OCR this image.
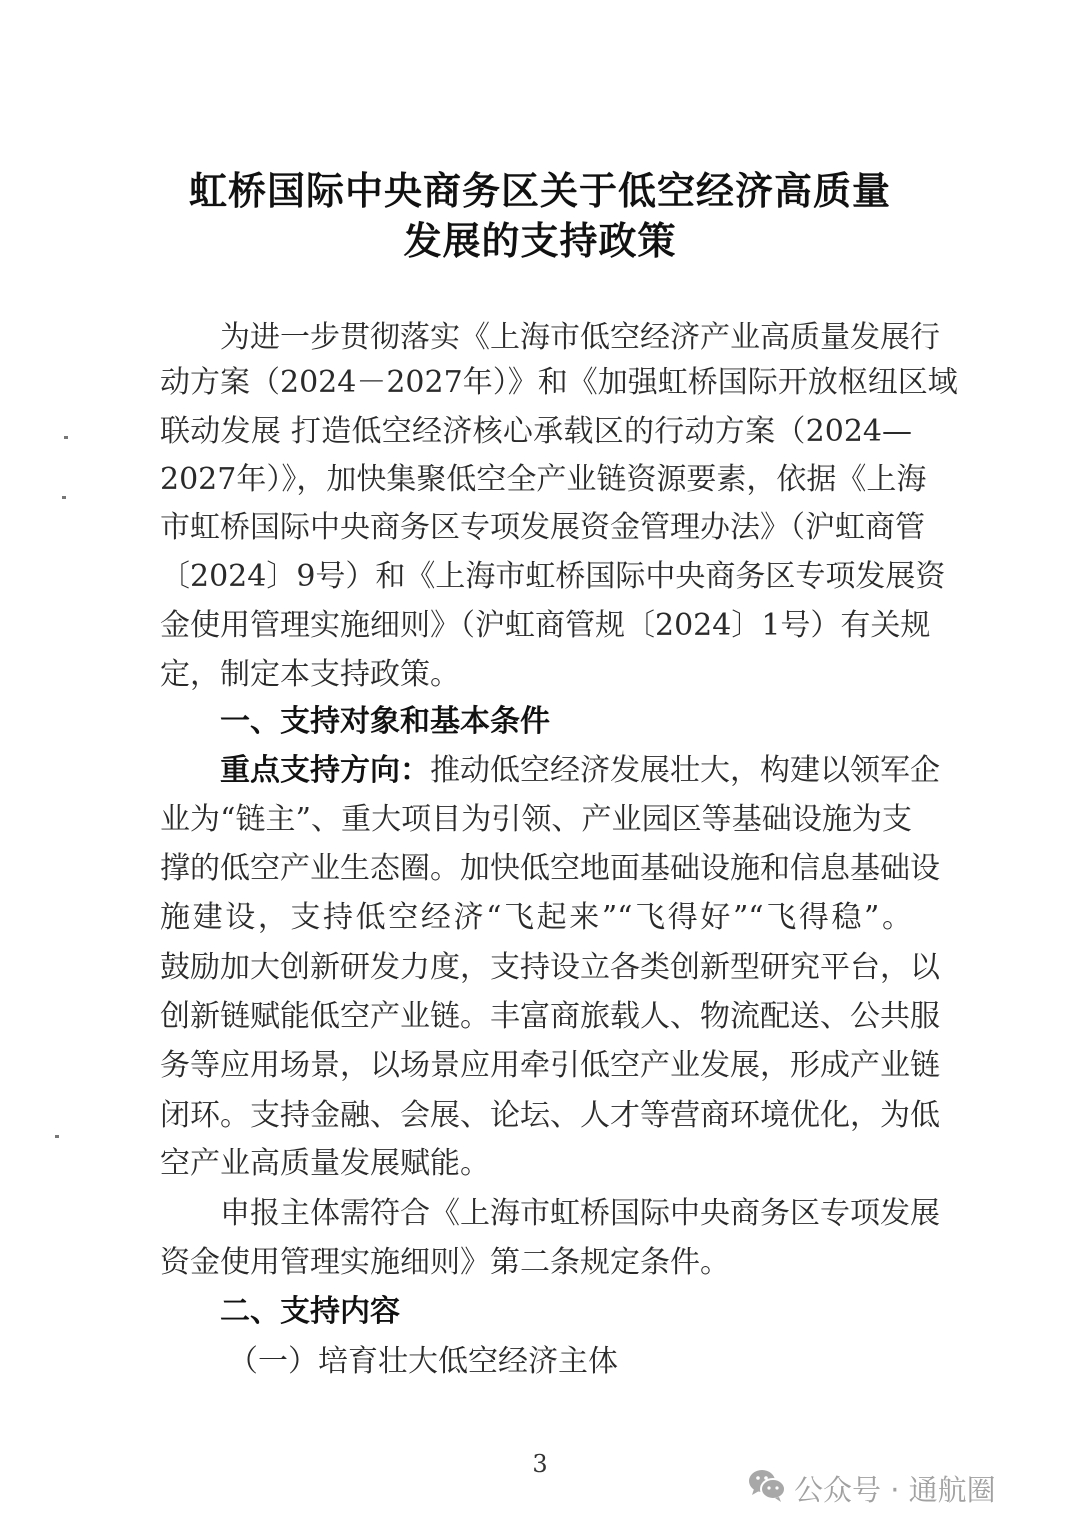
虹桥国际中央商务区关于低空经济高质量
发展的支持政策
为进一步贯彻落实《上海市低空经济产业高质量发展行
动方案（2024－2027年）》和《加强虹桥国际开放枢纽区域
联动发展 打造低空经济核心承载区的行动方案（2024—
2027年）》，加快集聚低空全产业链资源要素，依据《上海
市虹桥国际中央商务区专项发展资金管理办法》（沪虹商管
〔2024〕9号）和《上海市虹桥国际中央商务区专项发展资
金使用管理实施细则》（沪虹商管规〔2024〕1号）有关规
定，制定本支持政策。
一、支持对象和基本条件
重点支持方向：推动低空经济发展壮大，构建以领军企
业为“链主”、重大项目为引领、产业园区等基础设施为支
撑的低空产业生态圈。加快低空地面基础设施和信息基础设
施建设，支持低空经济“飞起来”“飞得好”“飞得稳”。
鼓励加大创新研发力度，支持设立各类创新型研究平台，以
创新链赋能低空产业链。丰富商旅载人、物流配送、公共服
务等应用场景，以场景应用牵引低空产业发展，形成产业链
闭环。支持金融、会展、论坛、人才等营商环境优化，为低
空产业高质量发展赋能。
申报主体需符合《上海市虹桥国际中央商务区专项发展
资金使用管理实施细则》第二条规定条件。
二、支持内容
（一）培育壮大低空经济主体
3
公众号 · 通航圈
